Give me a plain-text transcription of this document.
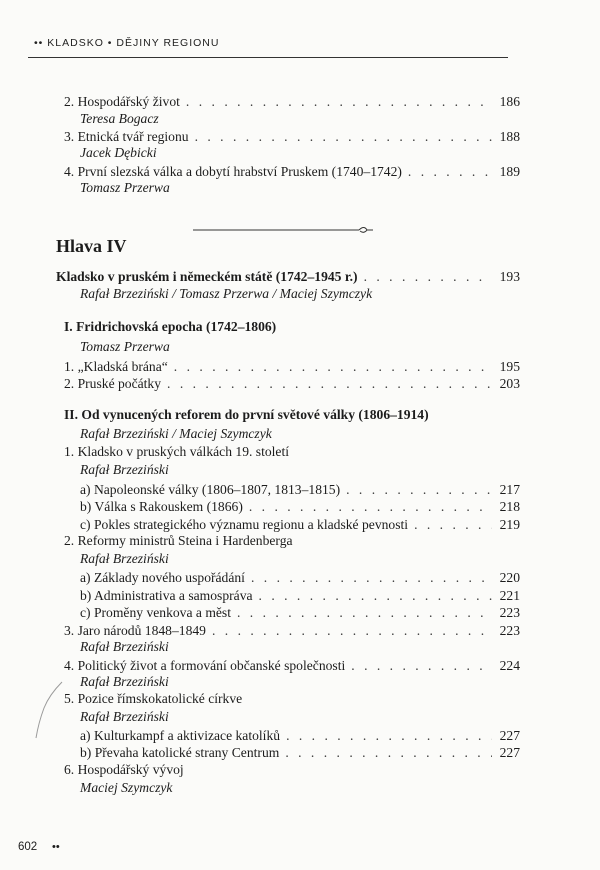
•• KLADSKO • DĚJINY REGIONU
2. Hospodářský život . . .	186
Teresa Bogacz
3. Etnická tvář regionu . . .	188
Jacek Dębicki
4. První slezská válka a dobytí hrabství Pruskem (1740–1742) . . .	189
Tomasz Przerwa
Hlava IV
Kladsko v pruském i německém státě (1742–1945 r.) . . .	193
Rafał Brzeziński / Tomasz Przerwa / Maciej Szymczyk
I. Fridrichovská epocha (1742–1806)
Tomasz Przerwa
1. „Kladská brána“ . . .	195
2. Pruské počátky . . .	203
II. Od vynucených reforem do první světové války (1806–1914)
Rafał Brzeziński / Maciej Szymczyk
1. Kladsko v pruských válkách 19. století
Rafał Brzeziński
a) Napoleonské války (1806–1807, 1813–1815) . . .	217
b) Válka s Rakouskem (1866) . . .	218
c) Pokles strategického významu regionu a kladské pevnosti . . .	219
2. Reformy ministrů Steina i Hardenberga
Rafał Brzeziński
a) Základy nového uspořádání . . .	220
b) Administrativa a samospráva . . .	221
c) Proměny venkova a měst . . .	223
3. Jaro národů 1848–1849 . . .	223
Rafał Brzeziński
4. Politický život a formování občanské společnosti . . .	224
Rafał Brzeziński
5. Pozice římskokatolické církve
Rafał Brzeziński
a) Kulturkampf a aktivizace katolíků . . .	227
b) Převaha katolické strany Centrum . . .	227
6. Hospodářský vývoj
Maciej Szymczyk
602 ••
